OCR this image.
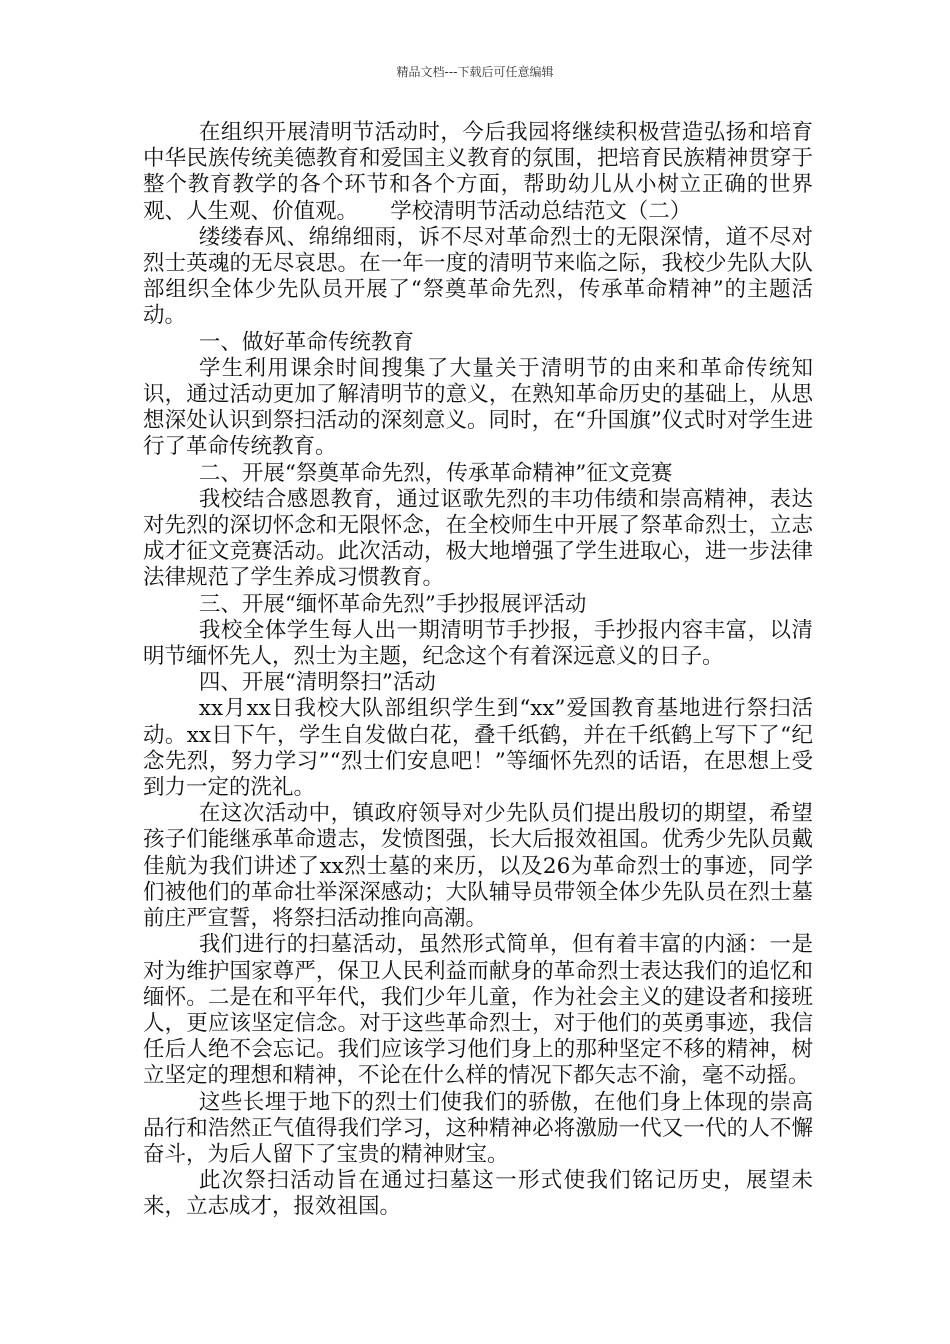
精品文档---下载后可任意编辑

在组织开展清明节活动时，今后我园将继续积极营造弘扬和培育中华民族传统美德教育和爱国主义教育的氛围，把培育民族精神贯穿于整个教育教学的各个环节和各个方面，帮助幼儿从小树立正确的世界观、人生观、价值观。　　学校清明节活动总结范文（二）

缕缕春风、绵绵细雨，诉不尽对革命烈士的无限深情，道不尽对烈士英魂的无尽哀思。在一年一度的清明节来临之际，我校少先队大队部组织全体少先队员开展了“祭奠革命先烈，传承革命精神”的主题活动。

一、做好革命传统教育

学生利用课余时间搜集了大量关于清明节的由来和革命传统知识，通过活动更加了解清明节的意义，在熟知革命历史的基础上，从思想深处认识到祭扫活动的深刻意义。同时，在“升国旗”仪式时对学生进行了革命传统教育。

二、开展“祭奠革命先烈，传承革命精神”征文竞赛

我校结合感恩教育，通过讴歌先烈的丰功伟绩和崇高精神，表达对先烈的深切怀念和无限怀念，在全校师生中开展了祭革命烈士，立志成才征文竞赛活动。此次活动，极大地增强了学生进取心，进一步法律法律规范了学生养成习惯教育。

三、开展“缅怀革命先烈”手抄报展评活动

我校全体学生每人出一期清明节手抄报，手抄报内容丰富，以清明节缅怀先人，烈士为主题，纪念这个有着深远意义的日子。

四、开展“清明祭扫”活动

xx月xx日我校大队部组织学生到“xx”爱国教育基地进行祭扫活动。xx日下午，学生自发做白花，叠千纸鹤，并在千纸鹤上写下了“纪念先烈，努力学习”“烈士们安息吧！”等缅怀先烈的话语，在思想上受到力一定的洗礼。

在这次活动中，镇政府领导对少先队员们提出殷切的期望，希望孩子们能继承革命遗志，发愤图强，长大后报效祖国。优秀少先队员戴佳航为我们讲述了xx烈士墓的来历，以及26为革命烈士的事迹，同学们被他们的革命壮举深深感动；大队辅导员带领全体少先队员在烈士墓前庄严宣誓，将祭扫活动推向高潮。

我们进行的扫墓活动，虽然形式简单，但有着丰富的内涵：一是对为维护国家尊严，保卫人民利益而献身的革命烈士表达我们的追忆和缅怀。二是在和平年代，我们少年儿童，作为社会主义的建设者和接班人，更应该坚定信念。对于这些革命烈士，对于他们的英勇事迹，我信任后人绝不会忘记。我们应该学习他们身上的那种坚定不移的精神，树立坚定的理想和精神，不论在什么样的情况下都矢志不渝，毫不动摇。

这些长埋于地下的烈士们使我们的骄傲，在他们身上体现的崇高品行和浩然正气值得我们学习，这种精神必将激励一代又一代的人不懈奋斗，为后人留下了宝贵的精神财宝。

此次祭扫活动旨在通过扫墓这一形式使我们铭记历史，展望未来，立志成才，报效祖国。
